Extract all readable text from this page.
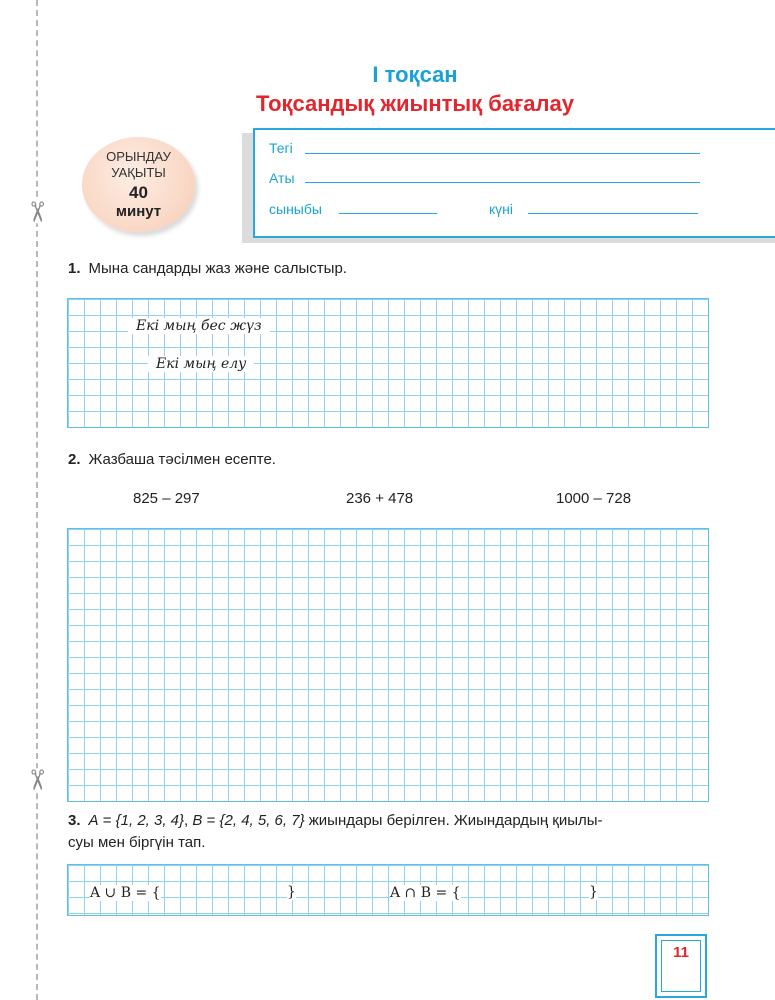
✂
✂
І тоқсан
Тоқсандық жиынтық бағалау
ОРЫНДАУ
УАҚЫТЫ
40
минут
Тегі
Аты
сыныбы	күні
1. Мына сандарды жаз және салыстыр.
Екі мың бес жүз
Екі мың елу
2. Жазбаша тәсілмен есепте.
825 – 297	236 + 478	1000 – 728
3. A = {1, 2, 3, 4}, B = {2, 4, 5, 6, 7} жиындары берілген. Жиындардың қиылы-
суы мен біргүін тап.
A ∪ B = {	}	A ∩ B = {	}
11
